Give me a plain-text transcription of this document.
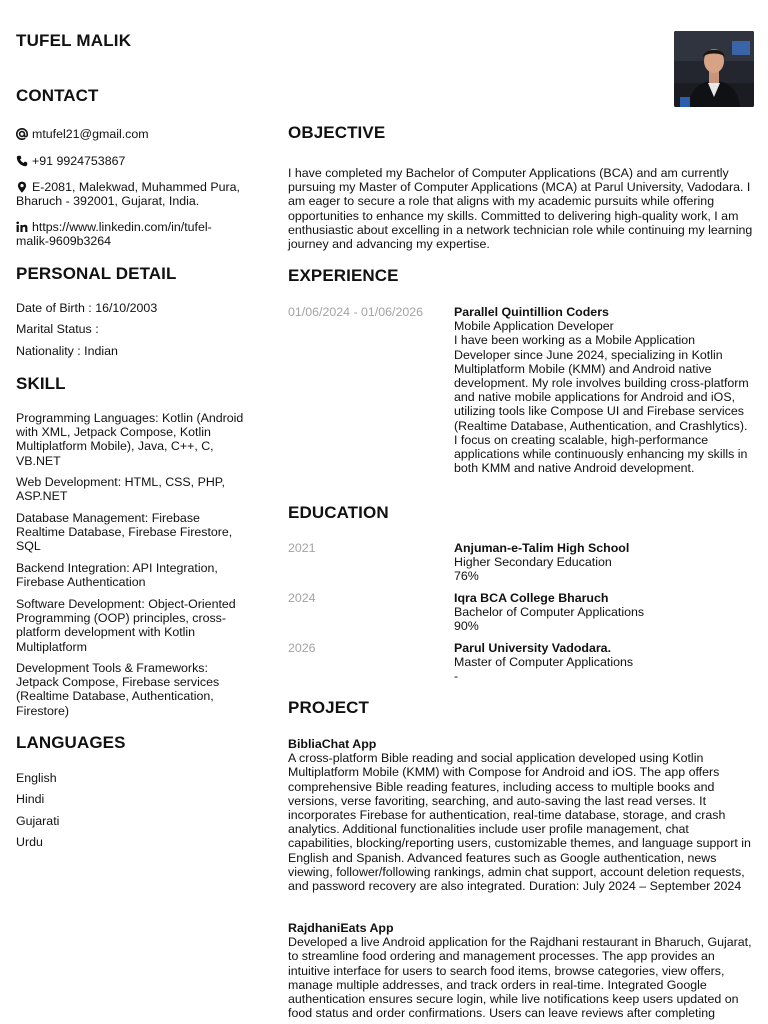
TUFEL MALIK
CONTACT
mtufel21@gmail.com
+91 9924753867
E-2081, Malekwad, Muhammed Pura,
Bharuch - 392001, Gujarat, India.
https://www.linkedin.com/in/tufel-
malik-9609b3264
PERSONAL DETAIL
Date of Birth : 16/10/2003
Marital Status :
Nationality : Indian
SKILL
Programming Languages: Kotlin (Android with XML, Jetpack Compose, Kotlin Multiplatform Mobile), Java, C++, C, VB.NET
Web Development: HTML, CSS, PHP, ASP.NET
Database Management: Firebase Realtime Database, Firebase Firestore, SQL
Backend Integration: API Integration, Firebase Authentication
Software Development: Object-Oriented Programming (OOP) principles, cross-platform development with Kotlin Multiplatform
Development Tools & Frameworks: Jetpack Compose, Firebase services (Realtime Database, Authentication, Firestore)
LANGUAGES
English
Hindi
Gujarati
Urdu
OBJECTIVE
I have completed my Bachelor of Computer Applications (BCA) and am currently pursuing my Master of Computer Applications (MCA) at Parul University, Vadodara. I am eager to secure a role that aligns with my academic pursuits while offering opportunities to enhance my skills. Committed to delivering high-quality work, I am enthusiastic about excelling in a network technician role while continuing my learning journey and advancing my expertise.
EXPERIENCE
01/06/2024 - 01/06/2026 Parallel Quintillion Coders
Mobile Application Developer
I have been working as a Mobile Application Developer since June 2024, specializing in Kotlin Multiplatform Mobile (KMM) and Android native development. My role involves building cross-platform and native mobile applications for Android and iOS, utilizing tools like Compose UI and Firebase services (Realtime Database, Authentication, and Crashlytics). I focus on creating scalable, high-performance applications while continuously enhancing my skills in both KMM and native Android development.
EDUCATION
2021	Anjuman-e-Talim High School
Higher Secondary Education
76%
2024	Iqra BCA College Bharuch
Bachelor of Computer Applications
90%
2026	Parul University Vadodara.
Master of Computer Applications
-
PROJECT
BibliaChat App
A cross-platform Bible reading and social application developed using Kotlin Multiplatform Mobile (KMM) with Compose for Android and iOS. The app offers comprehensive Bible reading features, including access to multiple books and versions, verse favoriting, searching, and auto-saving the last read verses. It incorporates Firebase for authentication, real-time database, storage, and crash analytics. Additional functionalities include user profile management, chat capabilities, blocking/reporting users, customizable themes, and language support in English and Spanish. Advanced features such as Google authentication, news viewing, follower/following rankings, admin chat support, account deletion requests, and password recovery are also integrated. Duration: July 2024 – September 2024
RajdhaniEats App
Developed a live Android application for the Rajdhani restaurant in Bharuch, Gujarat, to streamline food ordering and management processes. The app provides an intuitive interface for users to search food items, browse categories, view offers, manage multiple addresses, and track orders in real-time. Integrated Google authentication ensures secure login, while live notifications keep users updated on food status and order confirmations. Users can leave reviews after completing
